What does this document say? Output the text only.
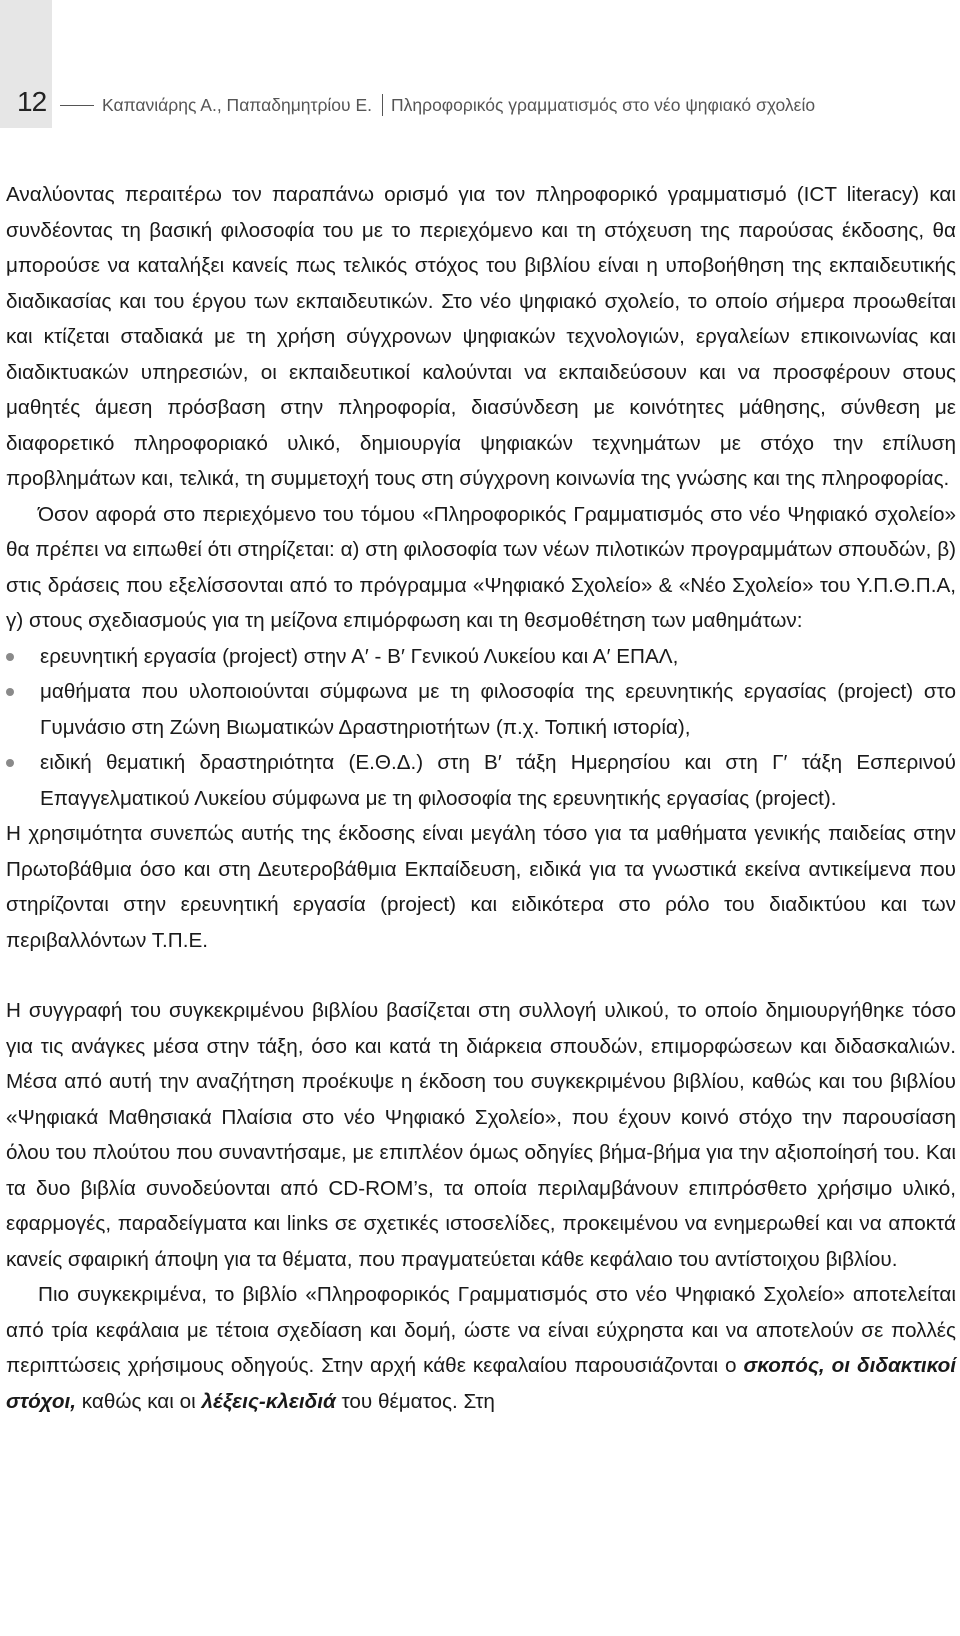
12	Καπανιάρης Α., Παπαδημητρίου Ε. Πληροφορικός γραμματισμός στο νέο ψηφιακό σχολείο

Αναλύοντας περαιτέρω τον παραπάνω ορισμό για τον πληροφορικό γραμματισμό (ICT literacy) και συνδέοντας τη βασική φιλοσοφία του με το περιεχόμενο και τη στόχευση της παρούσας έκδοσης, θα μπορούσε να καταλήξει κανείς πως τελικός στόχος του βιβλίου είναι η υποβοήθηση της εκπαιδευτικής διαδικασίας και του έργου των εκπαιδευτικών. Στο νέο ψηφιακό σχολείο, το οποίο σήμερα προωθείται και κτίζεται σταδιακά με τη χρήση σύγχρονων ψηφιακών τεχνολογιών, εργαλείων επικοινωνίας και διαδικτυακών υπηρεσιών, οι εκπαιδευτικοί καλούνται να εκπαιδεύσουν και να προσφέρουν στους μαθητές άμεση πρόσβαση στην πληροφορία, διασύνδεση με κοινότητες μάθησης, σύνθεση με διαφορετικό πληροφοριακό υλικό, δημιουργία ψηφιακών τεχνημάτων με στόχο την επίλυση προβλημάτων και, τελικά, τη συμμετοχή τους στη σύγχρονη κοινωνία της γνώσης και της πληροφορίας.

Όσον αφορά στο περιεχόμενο του τόμου «Πληροφορικός Γραμματισμός στο νέο Ψηφιακό σχολείο» θα πρέπει να ειπωθεί ότι στηρίζεται: α) στη φιλοσοφία των νέων πιλοτικών προγραμμάτων σπουδών, β) στις δράσεις που εξελίσσονται από το πρόγραμμα «Ψηφιακό Σχολείο» & «Νέο Σχολείο» του Υ.Π.Θ.Π.Α, γ) στους σχεδιασμούς για τη μείζονα επιμόρφωση και τη θεσμοθέτηση των μαθημάτων:

ερευνητική εργασία (project) στην Α′ - Β′ Γενικού Λυκείου και Α′ ΕΠΑΛ,
μαθήματα που υλοποιούνται σύμφωνα με τη φιλοσοφία της ερευνητικής εργασίας (project) στο Γυμνάσιο στη Ζώνη Βιωματικών Δραστηριοτήτων (π.χ. Τοπική ιστορία),
ειδική θεματική δραστηριότητα (Ε.Θ.Δ.) στη Β′ τάξη Ημερησίου και στη Γ′ τάξη Εσπερινού Επαγγελματικού Λυκείου σύμφωνα με τη φιλοσοφία της ερευνητικής εργασίας (project).

Η χρησιμότητα συνεπώς αυτής της έκδοσης είναι μεγάλη τόσο για τα μαθήματα γενικής παιδείας στην Πρωτοβάθμια όσο και στη Δευτεροβάθμια Εκπαίδευση, ειδικά για τα γνωστικά εκείνα αντικείμενα που στηρίζονται στην ερευνητική εργασία (project) και ειδικότερα στο ρόλο του διαδικτύου και των περιβαλλόντων Τ.Π.Ε.

Η συγγραφή του συγκεκριμένου βιβλίου βασίζεται στη συλλογή υλικού, το οποίο δημιουργήθηκε τόσο για τις ανάγκες μέσα στην τάξη, όσο και κατά τη διάρκεια σπουδών, επιμορφώσεων και διδασκαλιών. Μέσα από αυτή την αναζήτηση προέκυψε η έκδοση του συγκεκριμένου βιβλίου, καθώς και του βιβλίου «Ψηφιακά Μαθησιακά Πλαίσια στο νέο Ψηφιακό Σχολείο», που έχουν κοινό στόχο την παρουσίαση όλου του πλούτου που συναντήσαμε, με επιπλέον όμως οδηγίες βήμα-βήμα για την αξιοποίησή του. Και τα δυο βιβλία συνοδεύονται από CD-ROM’s, τα οποία περιλαμβάνουν επιπρόσθετο χρήσιμο υλικό, εφαρμογές, παραδείγματα και links σε σχετικές ιστοσελίδες, προκειμένου να ενημερωθεί και να αποκτά κανείς σφαιρική άποψη για τα θέματα, που πραγματεύεται κάθε κεφάλαιο του αντίστοιχου βιβλίου.

Πιο συγκεκριμένα, το βιβλίο «Πληροφορικός Γραμματισμός στο νέο Ψηφιακό Σχολείο» αποτελείται από τρία κεφάλαια με τέτοια σχεδίαση και δομή, ώστε να είναι εύχρηστα και να αποτελούν σε πολλές περιπτώσεις χρήσιμους οδηγούς. Στην αρχή κάθε κεφαλαίου παρουσιάζονται ο σκοπός, οι διδακτικοί στόχοι, καθώς και οι λέξεις-κλειδιά του θέματος. Στη
